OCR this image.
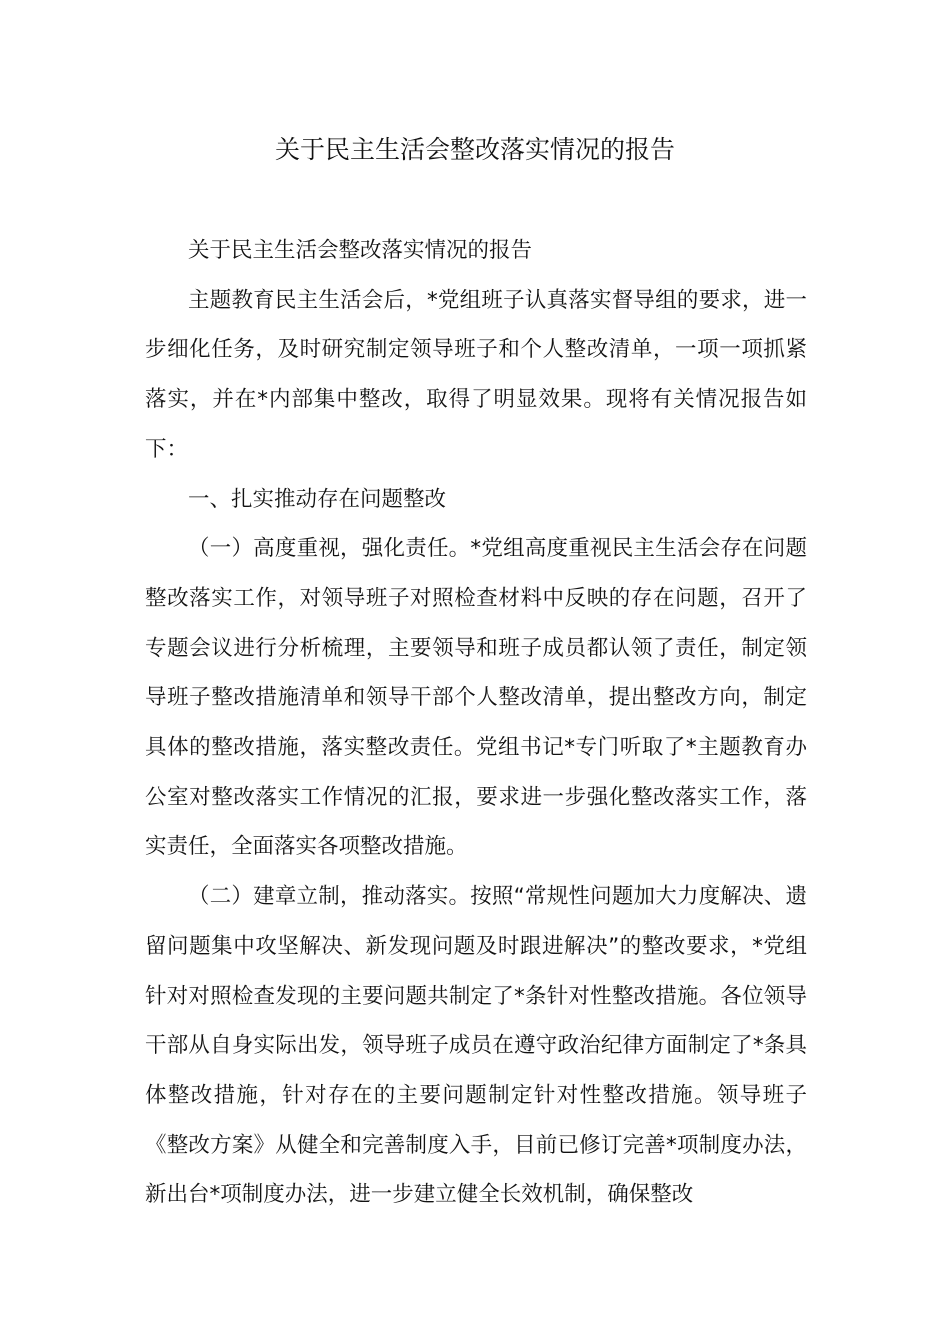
关于民主生活会整改落实情况的报告

关于民主生活会整改落实情况的报告

主题教育民主生活会后，*党组班子认真落实督导组的要求，进一步细化任务，及时研究制定领导班子和个人整改清单，一项一项抓紧落实，并在*内部集中整改，取得了明显效果。现将有关情况报告如下：

一、扎实推动存在问题整改

（一）高度重视，强化责任。*党组高度重视民主生活会存在问题整改落实工作，对领导班子对照检查材料中反映的存在问题，召开了专题会议进行分析梳理，主要领导和班子成员都认领了责任，制定领导班子整改措施清单和领导干部个人整改清单，提出整改方向，制定具体的整改措施，落实整改责任。党组书记*专门听取了*主题教育办公室对整改落实工作情况的汇报，要求进一步强化整改落实工作，落实责任，全面落实各项整改措施。

（二）建章立制，推动落实。按照“常规性问题加大力度解决、遗留问题集中攻坚解决、新发现问题及时跟进解决”的整改要求，*党组针对对照检查发现的主要问题共制定了*条针对性整改措施。各位领导干部从自身实际出发，领导班子成员在遵守政治纪律方面制定了*条具体整改措施，针对存在的主要问题制定针对性整改措施。领导班子《整改方案》从健全和完善制度入手，目前已修订完善*项制度办法，新出台*项制度办法，进一步建立健全长效机制，确保整改
